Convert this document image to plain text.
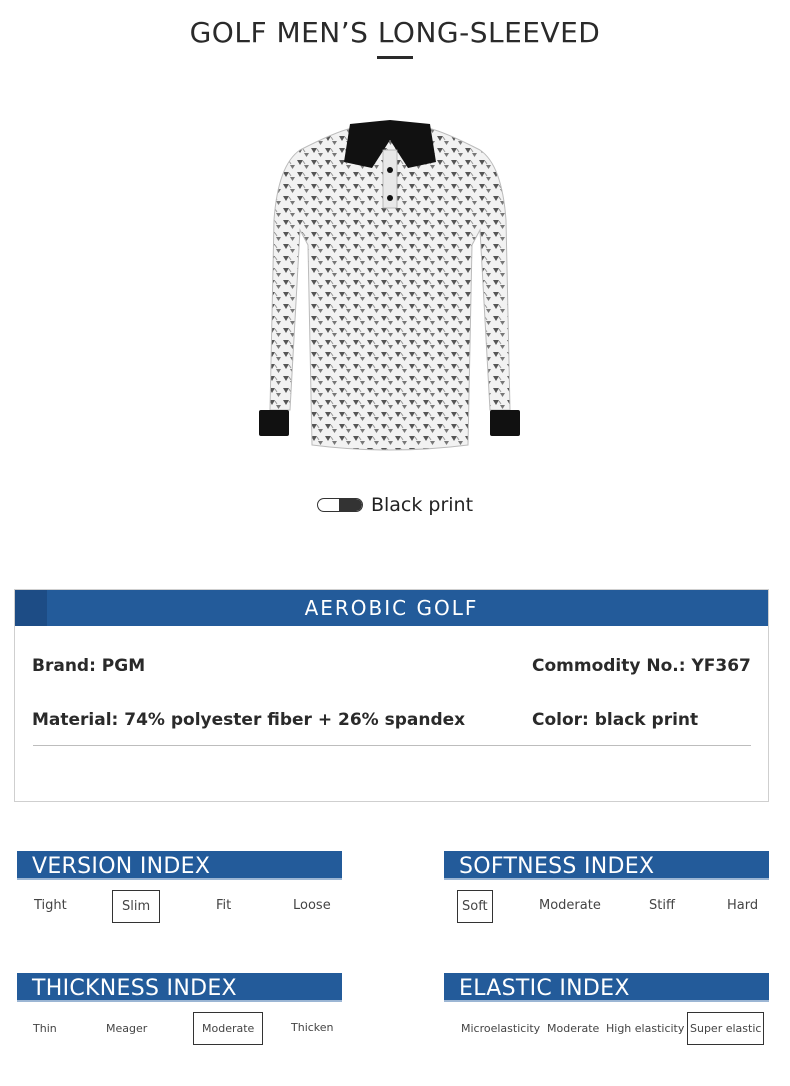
GOLF MEN’S LONG-SLEEVED
Black print
AEROBIC GOLF
Brand: PGM	Commodity No.: YF367
Material: 74% polyester fiber + 26% spandex	Color: black print
VERSION INDEX
Tight	Slim	Fit	Loose
SOFTNESS INDEX
Soft	Moderate	Stiff	Hard
THICKNESS INDEX
Thin	Meager	Moderate	Thicken
ELASTIC INDEX
Microelasticity Moderate High elasticity Super elastic
